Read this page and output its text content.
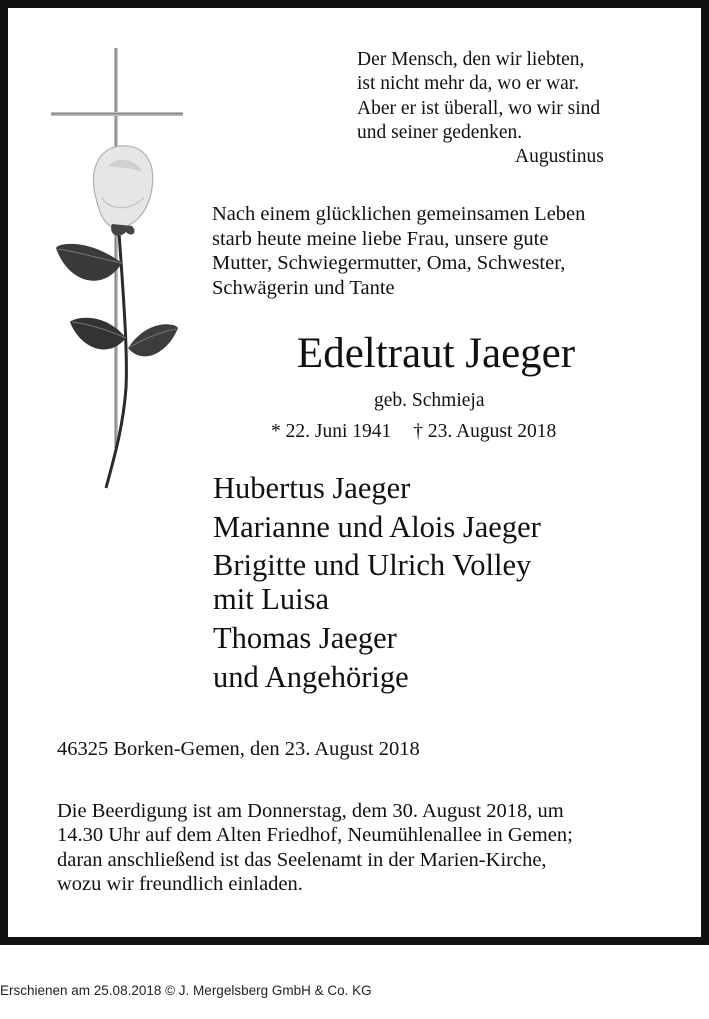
Der Mensch, den wir liebten,
ist nicht mehr da, wo er war.
Aber er ist überall, wo wir sind
und seiner gedenken.
Augustinus
Nach einem glücklichen gemeinsamen Leben
starb heute meine liebe Frau, unsere gute
Mutter, Schwiegermutter, Oma, Schwester,
Schwägerin und Tante
Edeltraut Jaeger
geb. Schmieja
* 22. Juni 1941 † 23. August 2018
Hubertus Jaeger
Marianne und Alois Jaeger
Brigitte und Ulrich Volley
mit Luisa
Thomas Jaeger
und Angehörige
46325 Borken-Gemen, den 23. August 2018
Die Beerdigung ist am Donnerstag, dem 30. August 2018, um
14.30 Uhr auf dem Alten Friedhof, Neumühlenallee in Gemen;
daran anschließend ist das Seelenamt in der Marien-Kirche,
wozu wir freundlich einladen.
Erschienen am 25.08.2018 © J. Mergelsberg GmbH & Co. KG
